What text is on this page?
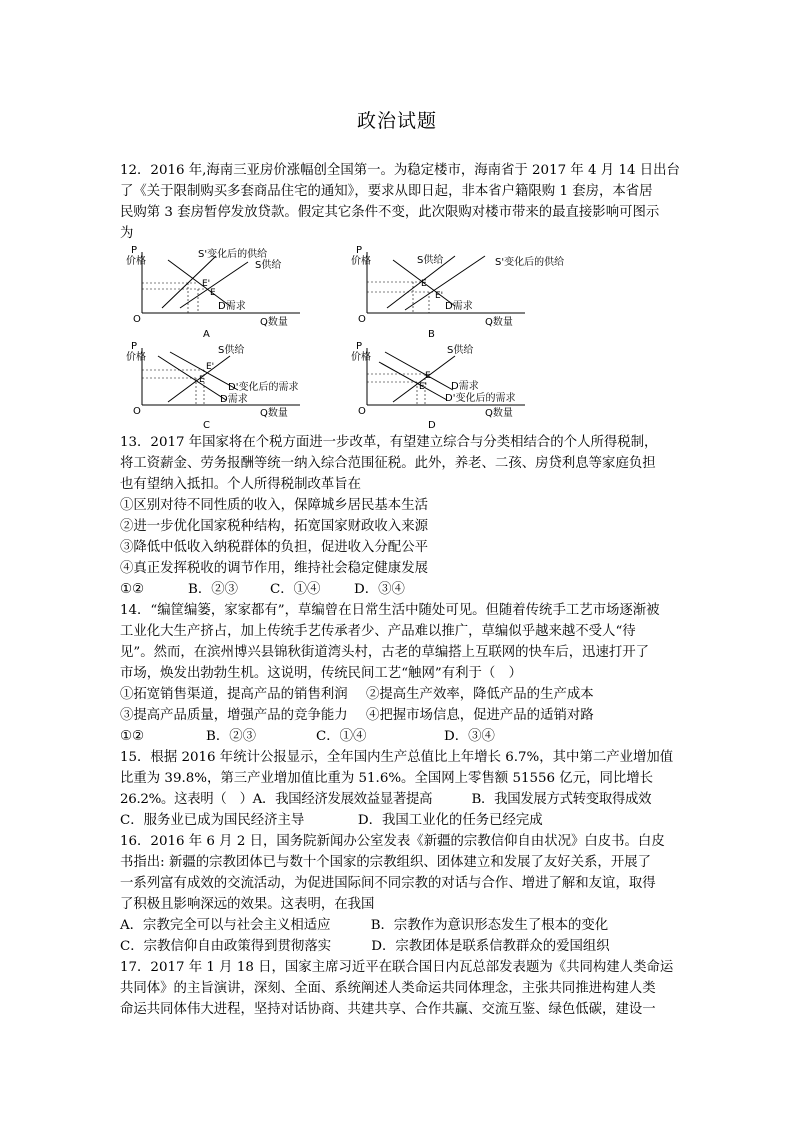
政治试题

12．2016 年,海南三亚房价涨幅创全国第一。为稳定楼市，海南省于 2017 年 4 月 14 日出台

了《关于限制购买多套商品住宅的通知》，要求从即日起，非本省户籍限购 1 套房，本省居

民购第 3 套房暂停发放贷款。假定其它条件不变，此次限购对楼市带来的最直接影响可图示

为

P
价格
O	Q数量
S'变化后的供给
S供给
D需求
E'
E
A
P
价格
O	Q数量
S供给	S'变化后的供给
D需求
E
E'
B
P
价格
O	Q数量
S供给
D'变化后的需求
D需求
E
E'
C
P
价格
O	Q数量
S供给
D需求
D'变化后的需求
E
E'
D

13．2017 年国家将在个税方面进一步改革，有望建立综合与分类相结合的个人所得税制，

将工资薪金、劳务报酬等统一纳入综合范围征税。此外，养老、二孩、房贷利息等家庭负担

也有望纳入抵扣。个人所得税制改革旨在

①区别对待不同性质的收入，保障城乡居民基本生活

②进一步优化国家税种结构，拓宽国家财政收入来源

③降低中低收入纳税群体的负担，促进收入分配公平

④真正发挥税收的调节作用，维持社会稳定健康发展

①②	B．②③	C．①④	D．③④

14．“编筐编篓，家家都有”，草编曾在日常生活中随处可见。但随着传统手工艺市场逐渐被

工业化大生产挤占，加上传统手艺传承者少、产品难以推广，草编似乎越来越不受人“待

见”。然而，在滨州博兴县锦秋街道湾头村，古老的草编搭上互联网的快车后，迅速打开了

市场，焕发出勃勃生机。这说明，传统民间工艺“触网”有利于（　）

①拓宽销售渠道，提高产品的销售利润 ②提高生产效率，降低产品的生产成本

③提高产品质量，增强产品的竞争能力 ④把握市场信息，促进产品的适销对路

①②	B．②③	C．①④	D．③④

15．根据 2016 年统计公报显示，全年国内生产总值比上年增长 6.7%，其中第二产业增加值

比重为 39.8%，第三产业增加值比重为 51.6%。全国网上零售额 51556 亿元，同比增长

26.2%。这表明（　）A．我国经济发展效益显著提高　　　B．我国发展方式转变取得成效

C．服务业已成为国民经济主导　　　　D．我国工业化的任务已经完成

16．2016 年 6 月 2 日，国务院新闻办公室发表《新疆的宗教信仰自由状况》白皮书。白皮

书指出: 新疆的宗教团体已与数十个国家的宗教组织、团体建立和发展了友好关系，开展了

一系列富有成效的交流活动，为促进国际间不同宗教的对话与合作、增进了解和友谊，取得

了积极且影响深远的效果。这表明，在我国

A．宗教完全可以与社会主义相适应　　　B．宗教作为意识形态发生了根本的变化

C．宗教信仰自由政策得到贯彻落实　　　D．宗教团体是联系信教群众的爱国组织

17．2017 年 1 月 18 日，国家主席习近平在联合国日内瓦总部发表题为《共同构建人类命运

共同体》的主旨演讲，深刻、全面、系统阐述人类命运共同体理念，主张共同推进构建人类

命运共同体伟大进程，坚持对话协商、共建共享、合作共赢、交流互鉴、绿色低碳，建设一
